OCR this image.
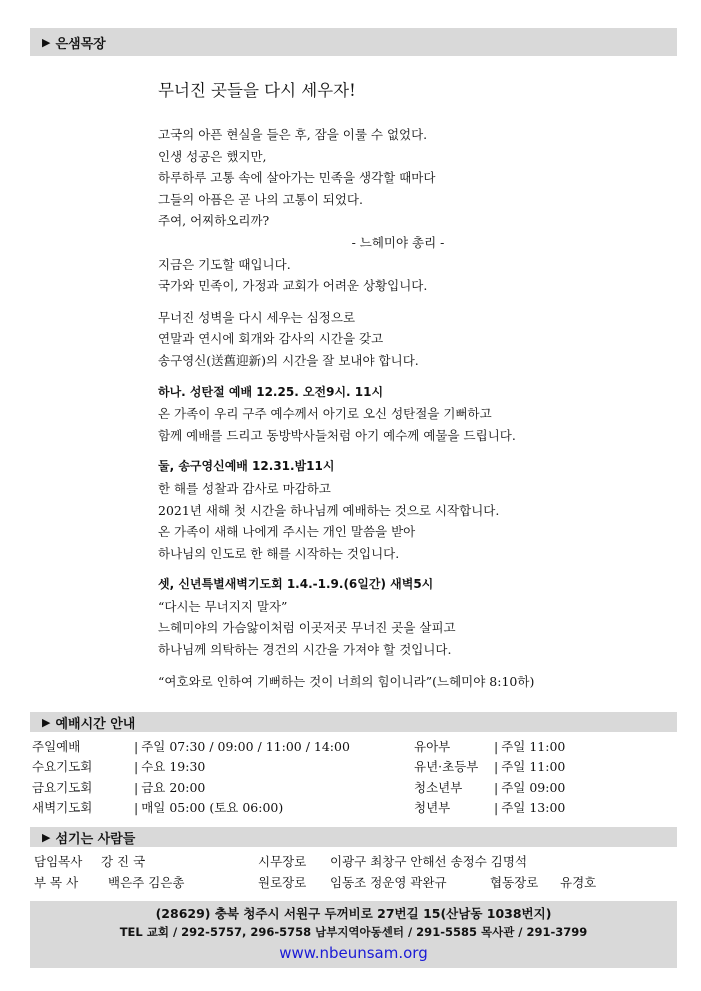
▶ 은샘목장
무너진 곳들을 다시 세우자!
고국의 아픈 현실을 들은 후, 잠을 이룰 수 없었다.
인생 성공은 했지만,
하루하루 고통 속에 살아가는 민족을 생각할 때마다
그들의 아픔은 곧 나의 고통이 되었다.
주여, 어찌하오리까?
- 느헤미야 총리 -
지금은 기도할 때입니다.
국가와 민족이, 가정과 교회가 어려운 상황입니다.
무너진 성벽을 다시 세우는 심정으로
연말과 연시에 회개와 감사의 시간을 갖고
송구영신(送舊迎新)의 시간을 잘 보내야 합니다.
하나. 성탄절 예배 12.25. 오전9시. 11시
온 가족이 우리 구주 예수께서 아기로 오신 성탄절을 기뻐하고
함께 예배를 드리고 동방박사들처럼 아기 예수께 예물을 드립니다.
둘, 송구영신예배 12.31.밤11시
한 해를 성찰과 감사로 마감하고
2021년 새해 첫 시간을 하나님께 예배하는 것으로 시작합니다.
온 가족이 새해 나에게 주시는 개인 말씀을 받아
하나님의 인도로 한 해를 시작하는 것입니다.
셋, 신년특별새벽기도회 1.4.-1.9.(6일간) 새벽5시
“다시는 무너지지 말자”
느헤미야의 가슴앓이처럼 이곳저곳 무너진 곳을 살피고
하나님께 의탁하는 경건의 시간을 가져야 할 것입니다.
“여호와로 인하여 기뻐하는 것이 너희의 힘이니라”(느헤미야 8:10하)
▶ 예배시간 안내
주일예배	| 주일 07:30 / 09:00 / 11:00 / 14:00	유아부	| 주일 11:00
수요기도회	| 수요 19:30	유년·초등부 | 주일 11:00
금요기도회	| 금요 20:00	청소년부	| 주일 09:00
새벽기도회	| 매일 05:00 (토요 06:00)	청년부	| 주일 13:00
▶ 섬기는 사람들
담임목사 강 진 국	시무장로 이광구 최창구 안해선 송정수 김명석
부 목 사 백은주 김은총	원로장로 임동조 정운영 곽완규	협동장로 유경호
(28629) 충북 청주시 서원구 두꺼비로 27번길 15(산남동 1038번지)
TEL 교회 / 292-5757, 296-5758 남부지역아동센터 / 291-5585 목사관 / 291-3799
www.nbeunsam.org
